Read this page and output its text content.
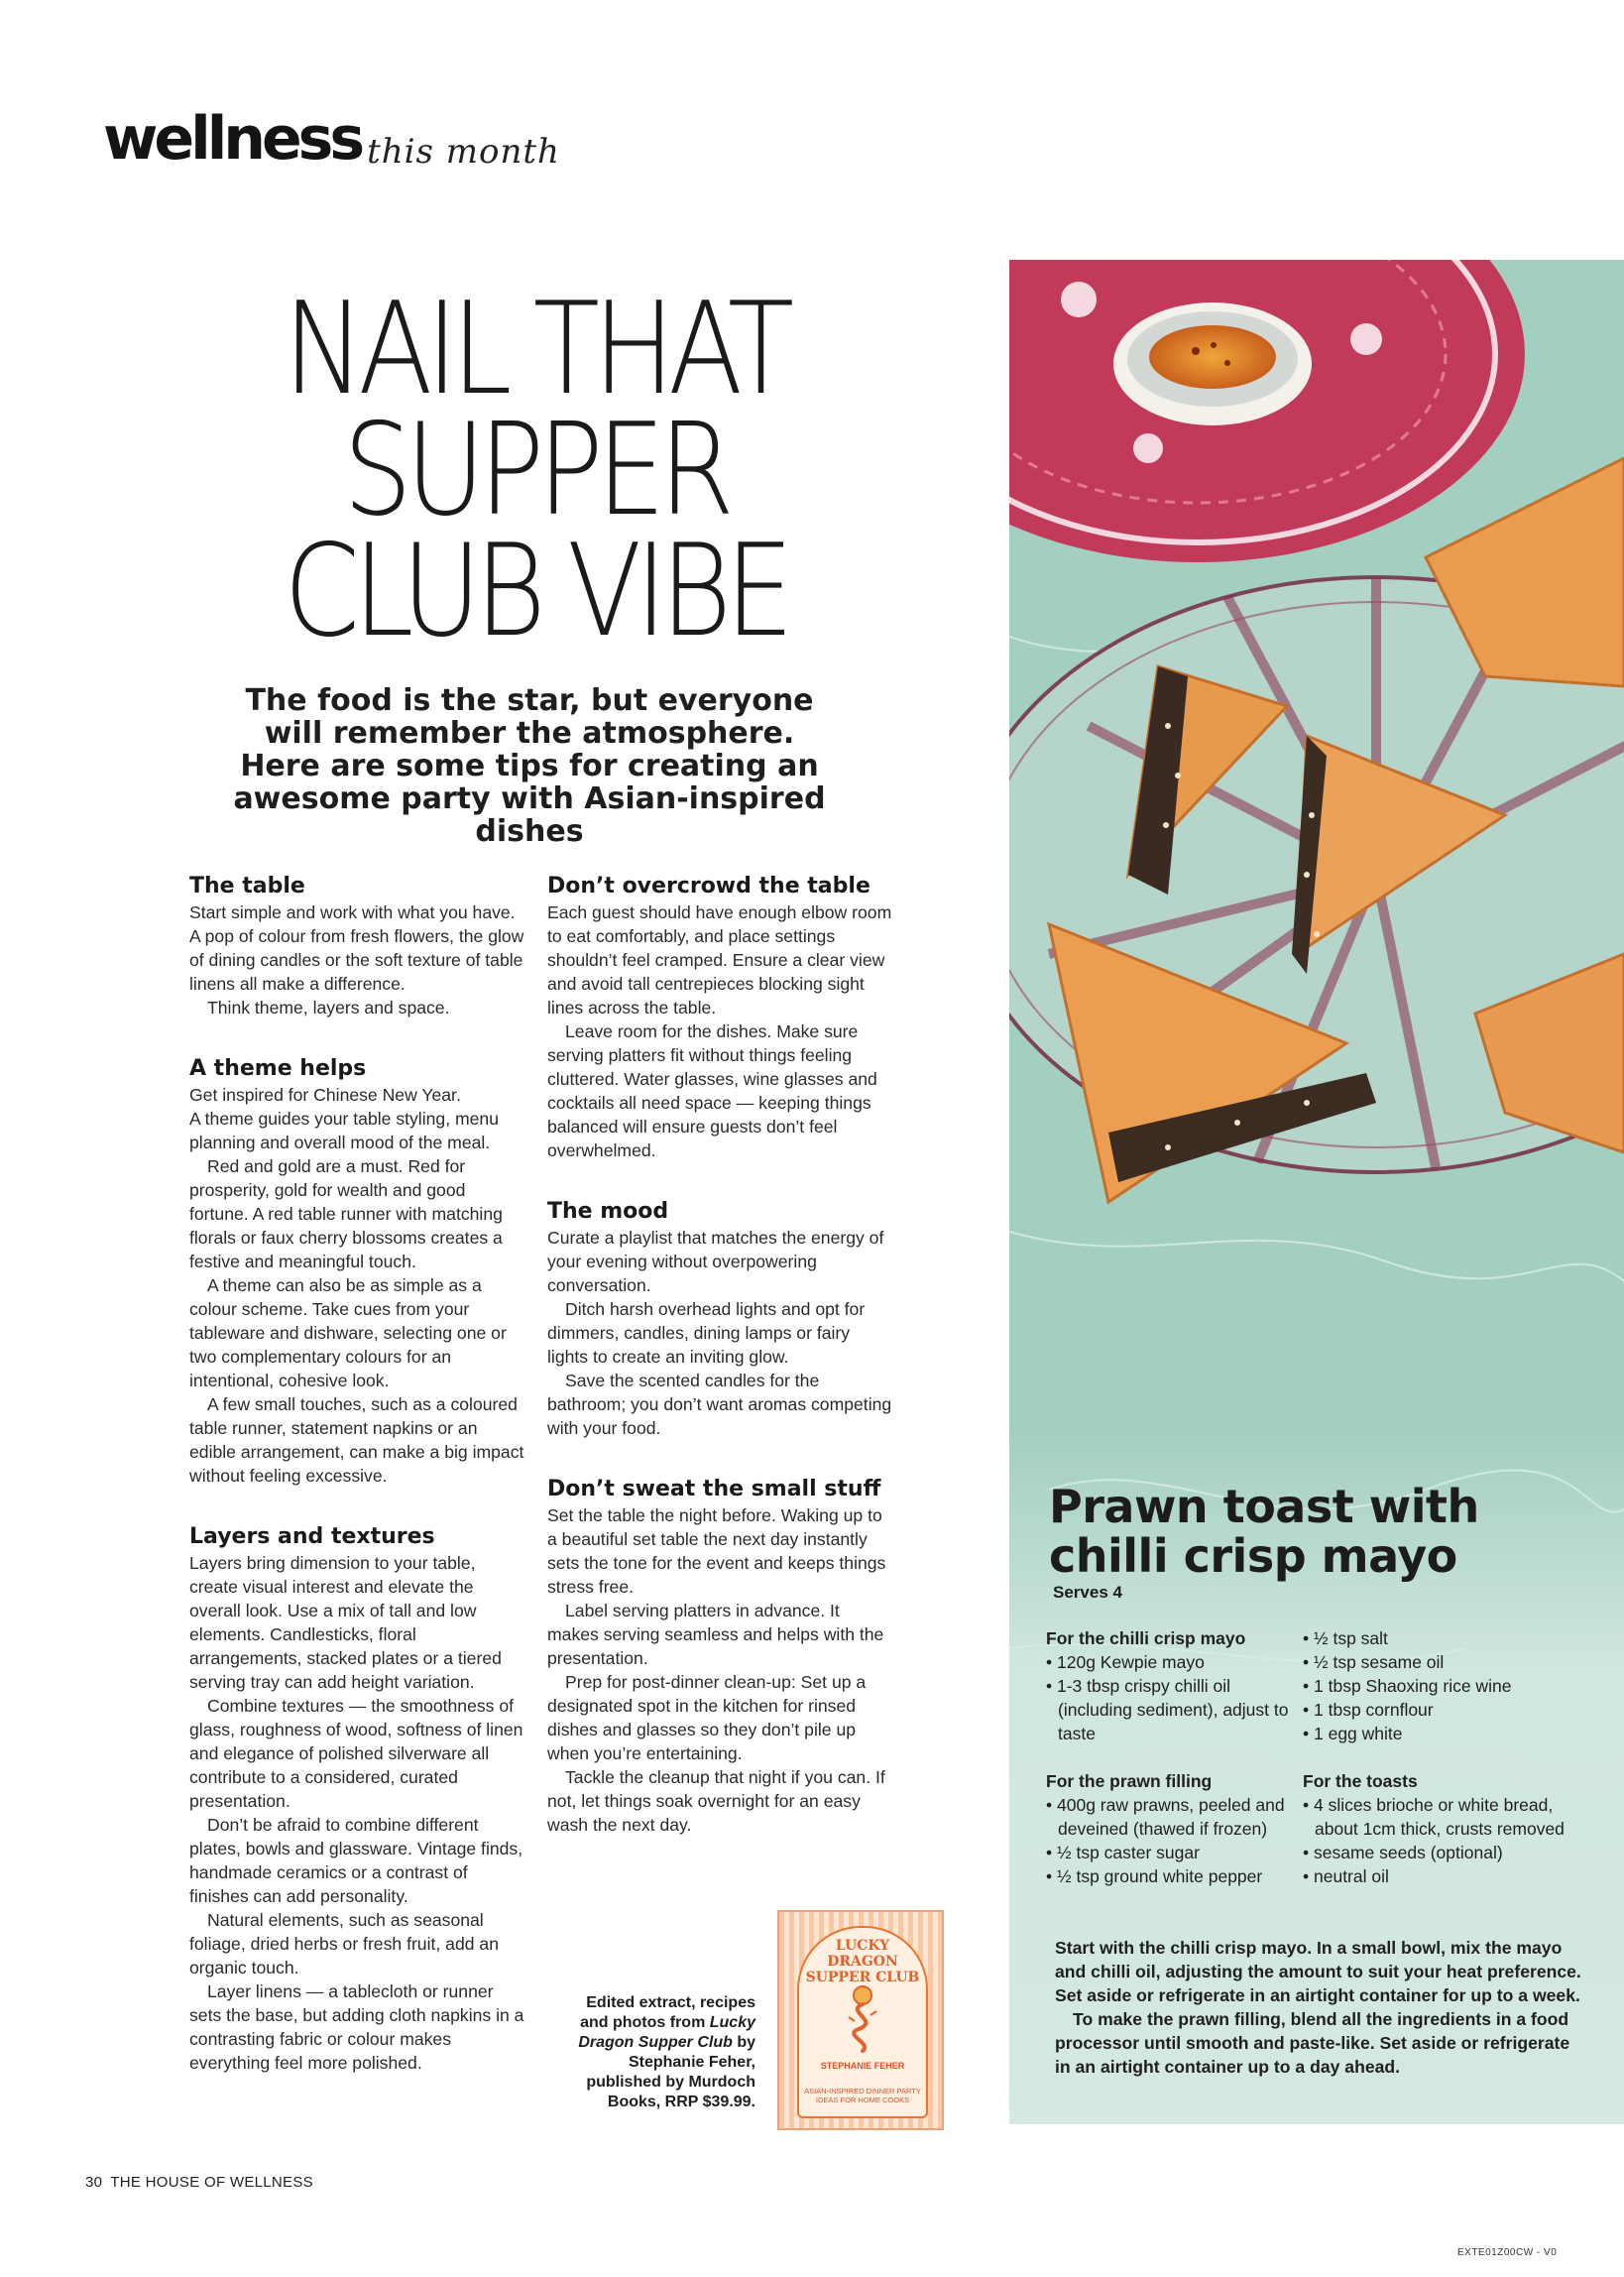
wellness this month
NAIL THAT
SUPPER
CLUB VIBE
The food is the star, but everyone will remember the atmosphere. Here are some tips for creating an awesome party with Asian-inspired dishes
The table

Start simple and work with what you have. A pop of colour from fresh flowers, the glow of dining candles or the soft texture of table linens all make a difference.

Think theme, layers and space.

A theme helps

Get inspired for Chinese New Year.

A theme guides your table styling, menu planning and overall mood of the meal.

Red and gold are a must. Red for prosperity, gold for wealth and good fortune. A red table runner with matching florals or faux cherry blossoms creates a festive and meaningful touch.

A theme can also be as simple as a colour scheme. Take cues from your tableware and dishware, selecting one or two complementary colours for an intentional, cohesive look.

A few small touches, such as a coloured table runner, statement napkins or an edible arrangement, can make a big impact without feeling excessive.

Layers and textures

Layers bring dimension to your table, create visual interest and elevate the overall look. Use a mix of tall and low elements. Candlesticks, floral arrangements, stacked plates or a tiered serving tray can add height variation.

Combine textures — the smoothness of glass, roughness of wood, softness of linen and elegance of polished silverware all contribute to a considered, curated presentation.

Don’t be afraid to combine different plates, bowls and glassware. Vintage finds, handmade ceramics or a contrast of finishes can add personality.

Natural elements, such as seasonal foliage, dried herbs or fresh fruit, add an organic touch.

Layer linens — a tablecloth or runner sets the base, but adding cloth napkins in a contrasting fabric or colour makes everything feel more polished.

Don’t overcrowd the table

Each guest should have enough elbow room to eat comfortably, and place settings shouldn’t feel cramped. Ensure a clear view and avoid tall centrepieces blocking sight lines across the table.

Leave room for the dishes. Make sure serving platters fit without things feeling cluttered. Water glasses, wine glasses and cocktails all need space — keeping things balanced will ensure guests don’t feel overwhelmed.

The mood

Curate a playlist that matches the energy of your evening without overpowering conversation.

Ditch harsh overhead lights and opt for dimmers, candles, dining lamps or fairy lights to create an inviting glow.

Save the scented candles for the bathroom; you don’t want aromas competing with your food.

Don’t sweat the small stuff

Set the table the night before. Waking up to a beautiful set table the next day instantly sets the tone for the event and keeps things stress free.

Label serving platters in advance. It makes serving seamless and helps with the presentation.

Prep for post-dinner clean-up: Set up a designated spot in the kitchen for rinsed dishes and glasses so they don’t pile up when you’re entertaining.

Tackle the cleanup that night if you can. If not, let things soak overnight for an easy wash the next day.

Edited extract, recipes and photos from Lucky Dragon Supper Club by Stephanie Feher, published by Murdoch Books, RRP $39.99.
LUCKY DRAGON SUPPER CLUB
STEPHANIE FEHER
ASIAN-INSPIRED DINNER PARTY IDEAS FOR HOME COOKS
Prawn toast with chilli crisp mayo
Serves 4
For the chilli crisp mayo
• 120g Kewpie mayo
• 1-3 tbsp crispy chilli oil (including sediment), adjust to taste
• ½ tsp salt
• ½ tsp sesame oil
• 1 tbsp Shaoxing rice wine
• 1 tbsp cornflour
• 1 egg white
For the prawn filling
• 400g raw prawns, peeled and deveined (thawed if frozen)
• ½ tsp caster sugar
• ½ tsp ground white pepper
For the toasts
• 4 slices brioche or white bread, about 1cm thick, crusts removed
• sesame seeds (optional)
• neutral oil

Start with the chilli crisp mayo. In a small bowl, mix the mayo and chilli oil, adjusting the amount to suit your heat preference. Set aside or refrigerate in an airtight container for up to a week.

To make the prawn filling, blend all the ingredients in a food processor until smooth and paste-like. Set aside or refrigerate in an airtight container up to a day ahead.

30 THE HOUSE OF WELLNESS
EXTE01Z00CW - V0
